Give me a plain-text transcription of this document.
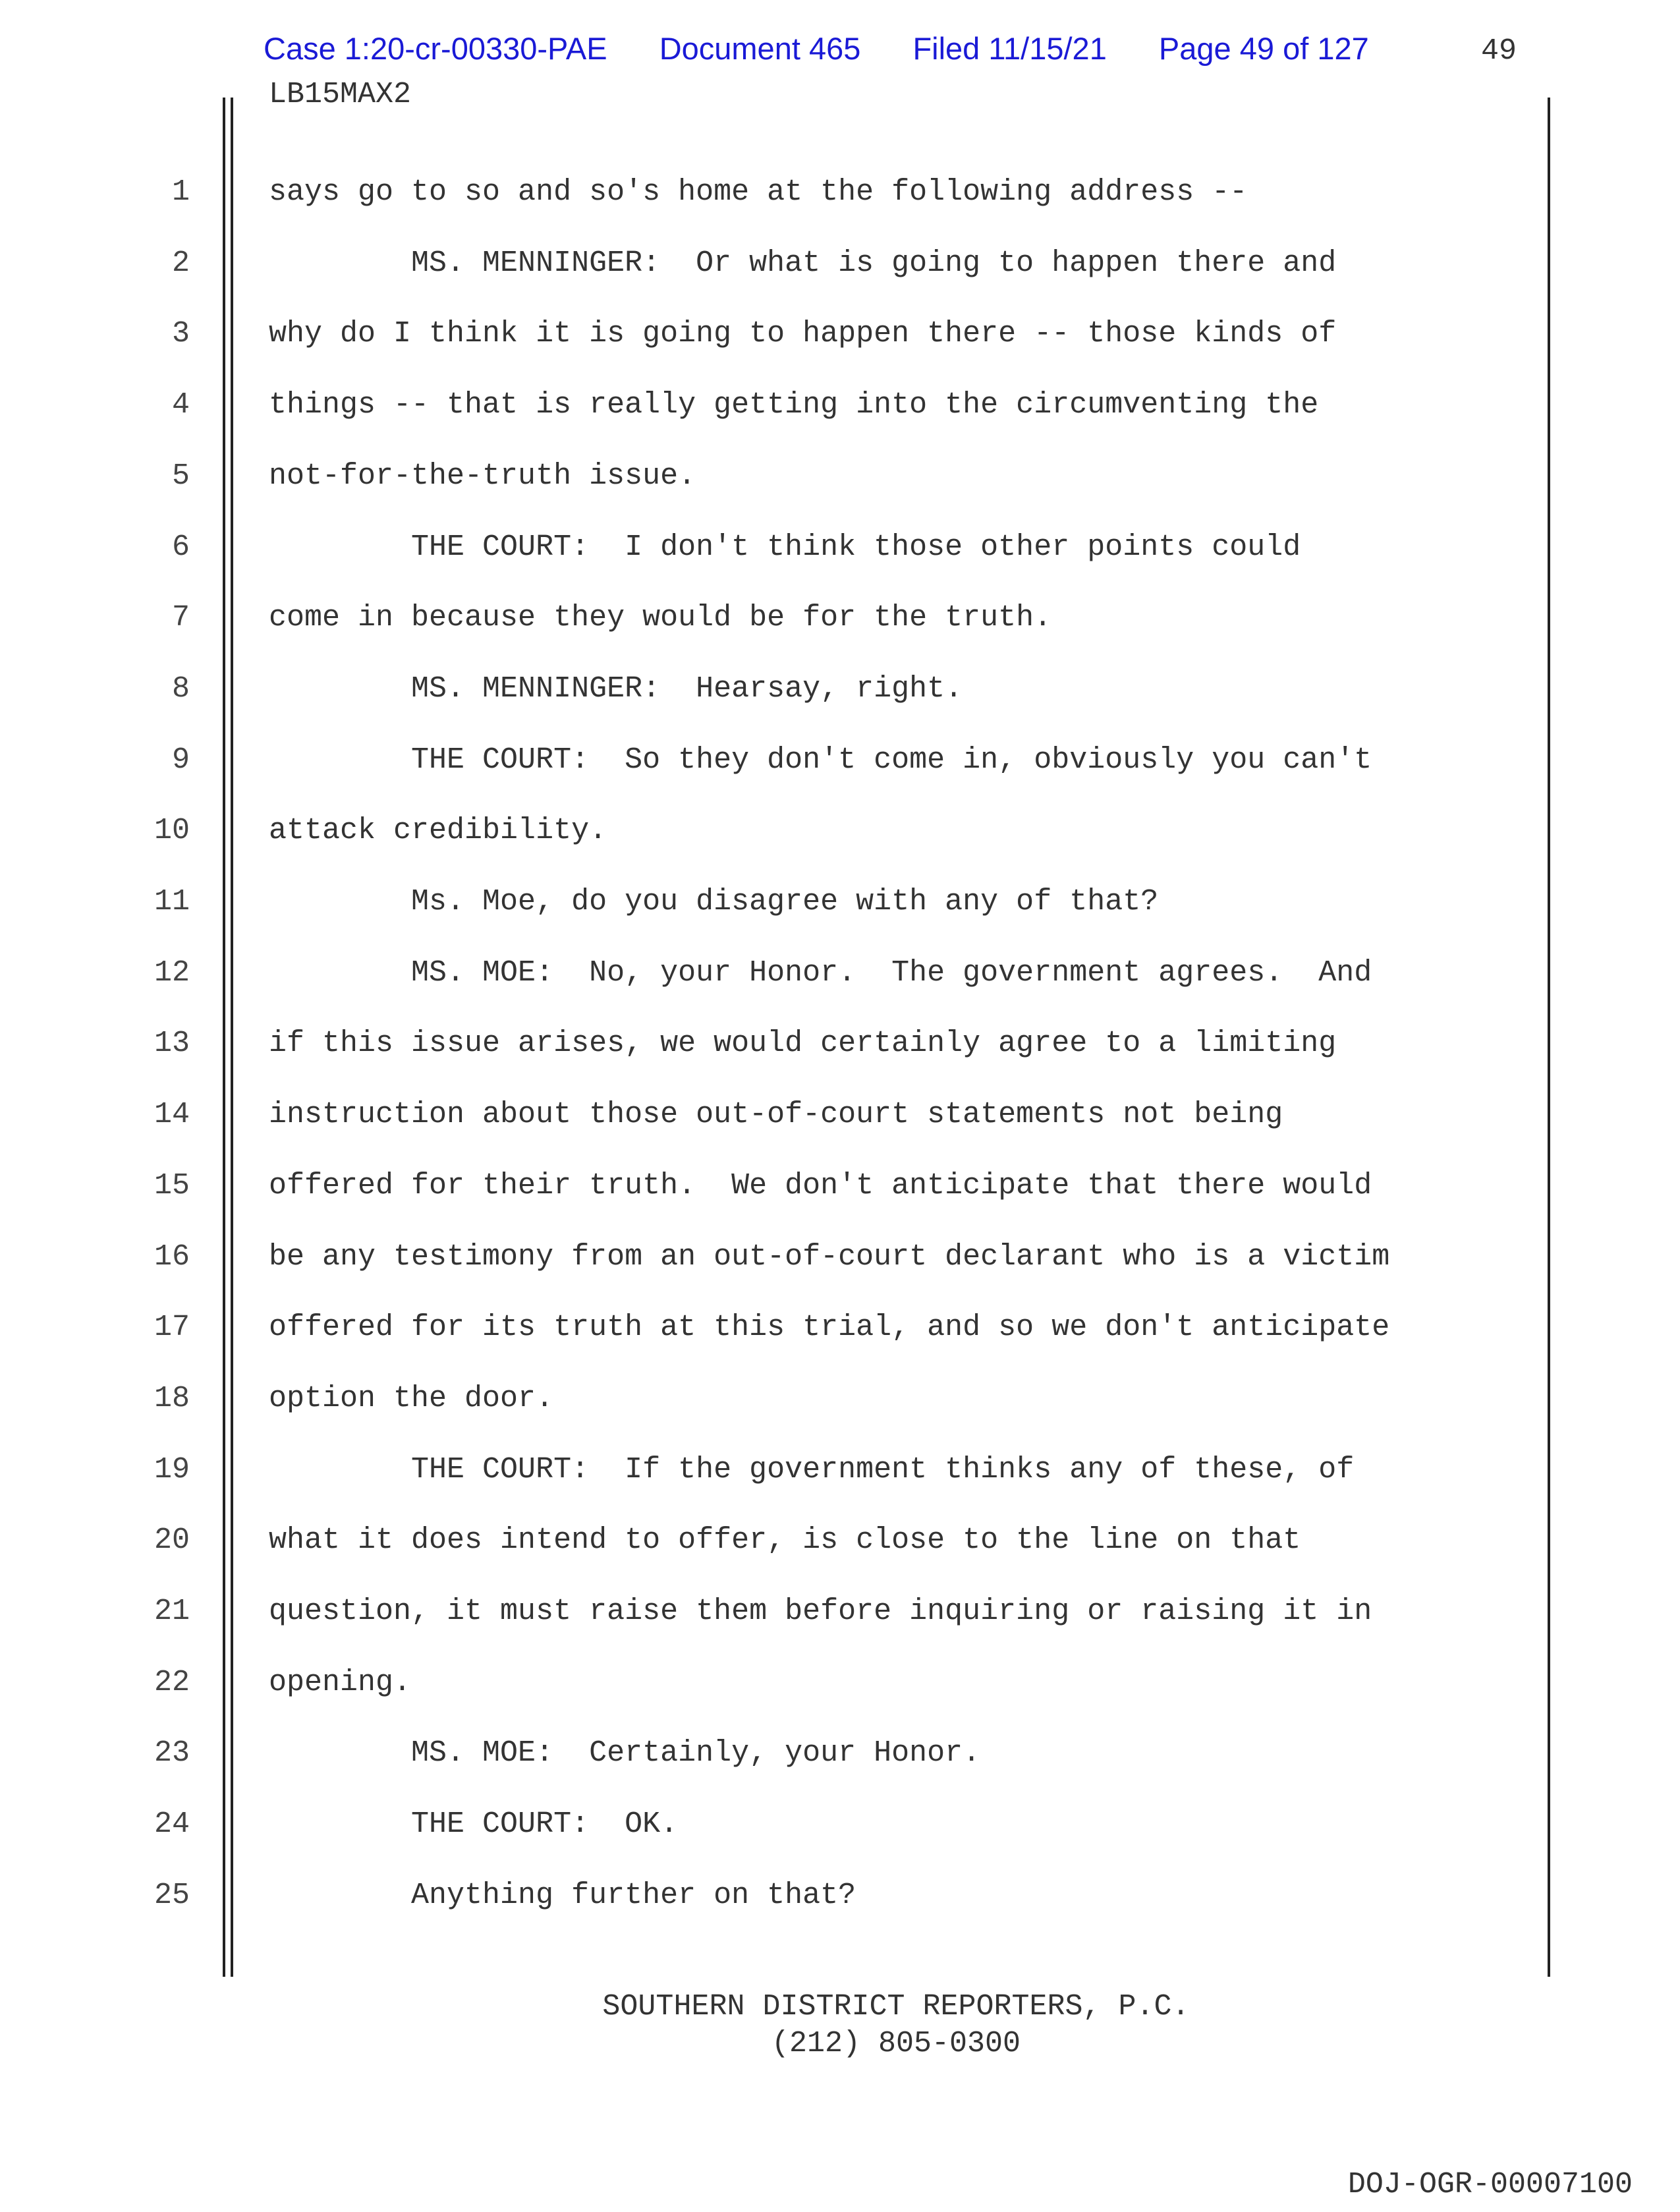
Case 1:20-cr-00330-PAE Document 465 Filed 11/15/21 Page 49 of 127	49
LB15MAX2
1	says go to so and so's home at the following address --
2	MS. MENNINGER:  Or what is going to happen there and
3	why do I think it is going to happen there -- those kinds of
4	things -- that is really getting into the circumventing the
5	not-for-the-truth issue.
6	THE COURT:  I don't think those other points could
7	come in because they would be for the truth.
8	MS. MENNINGER:  Hearsay, right.
9	THE COURT:  So they don't come in, obviously you can't
10	attack credibility.
11	Ms. Moe, do you disagree with any of that?
12	MS. MOE:  No, your Honor.  The government agrees.  And
13	if this issue arises, we would certainly agree to a limiting
14	instruction about those out-of-court statements not being
15	offered for their truth.  We don't anticipate that there would
16	be any testimony from an out-of-court declarant who is a victim
17	offered for its truth at this trial, and so we don't anticipate
18	option the door.
19	THE COURT:  If the government thinks any of these, of
20	what it does intend to offer, is close to the line on that
21	question, it must raise them before inquiring or raising it in
22	opening.
23	MS. MOE:  Certainly, your Honor.
24	THE COURT:  OK.
25	Anything further on that?
SOUTHERN DISTRICT REPORTERS, P.C.
(212) 805-0300
DOJ-OGR-00007100
